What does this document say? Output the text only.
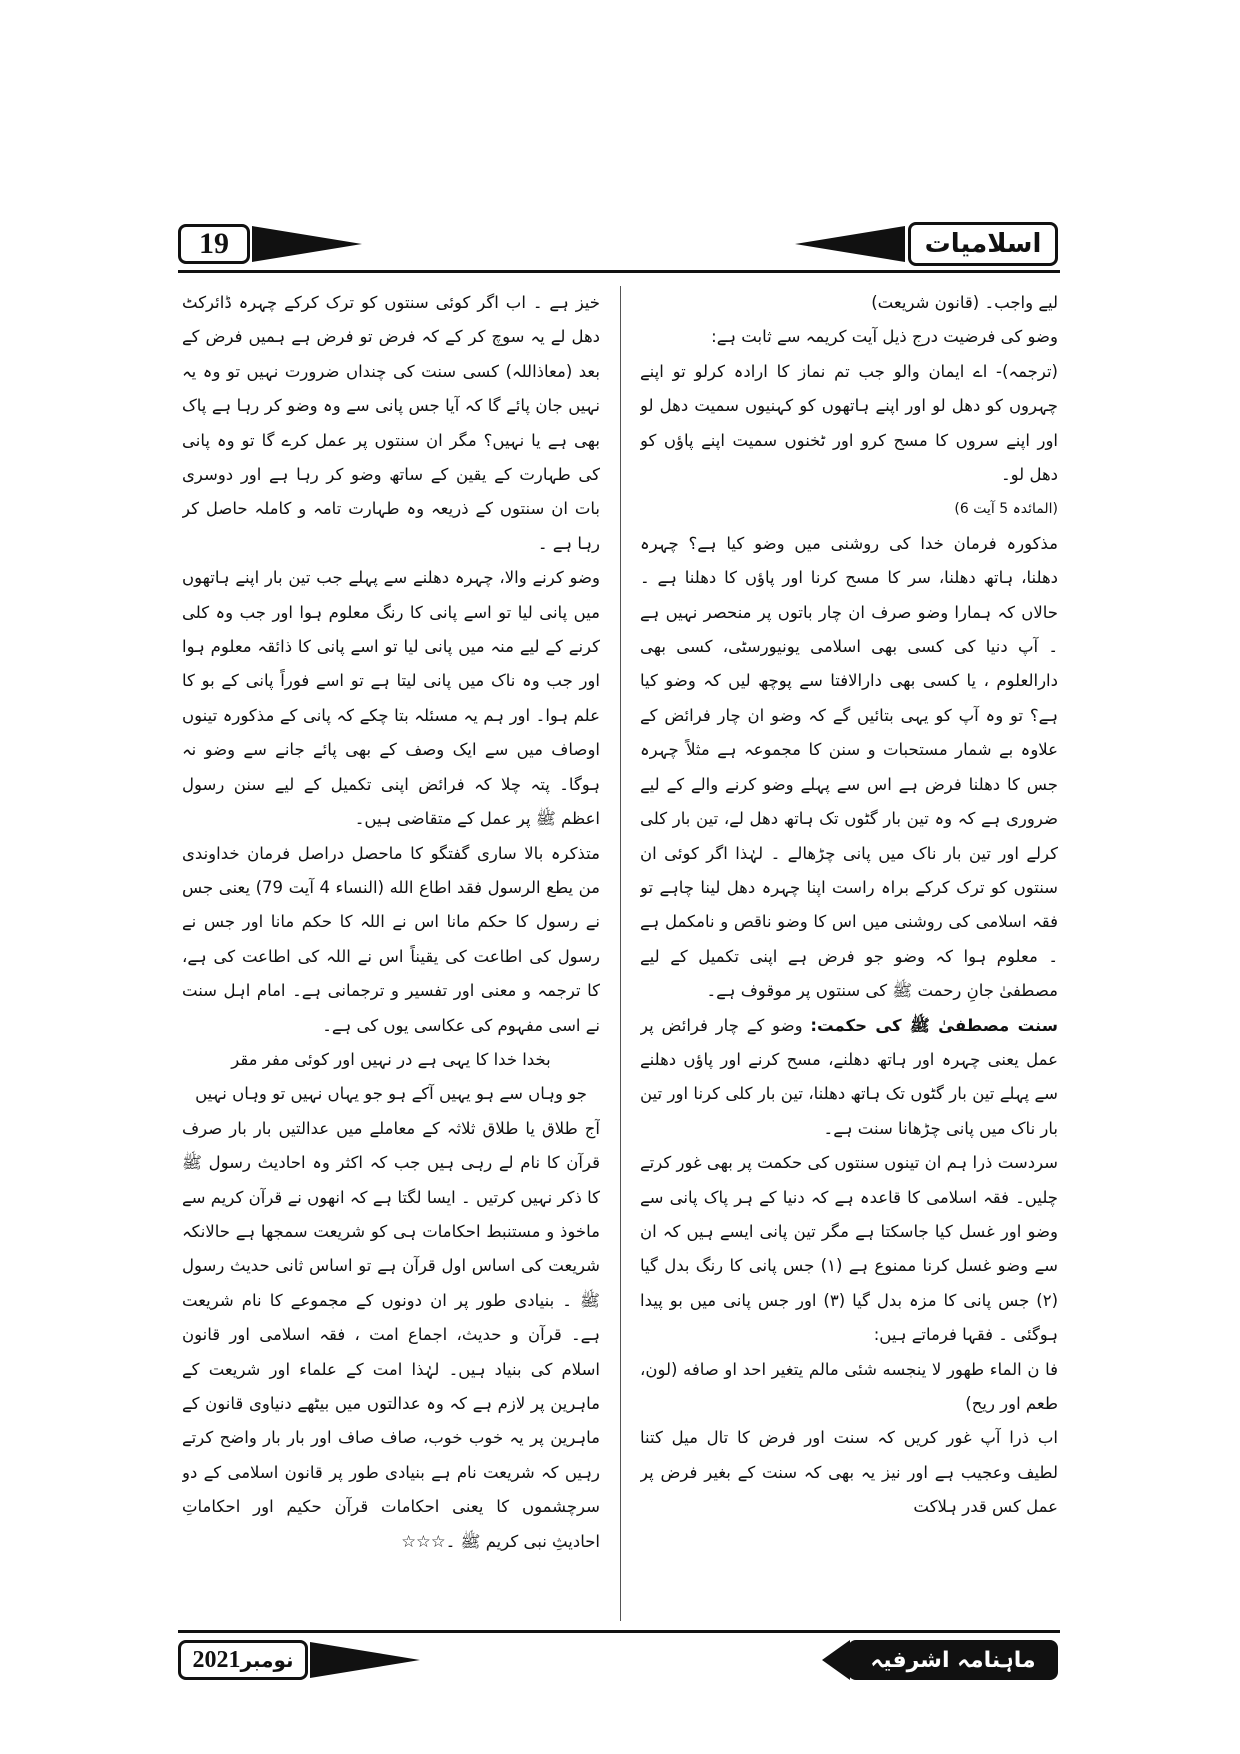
19	اسلامیات

لیے واجب۔ (قانون شریعت)

وضو کی فرضیت درج ذیل آیت کریمہ سے ثابت ہے:

(ترجمہ)- اے ایمان والو جب تم نماز کا ارادہ کرلو تو اپنے چہروں کو دھل لو اور اپنے ہاتھوں کو کہنیوں سمیت دھل لو اور اپنے سروں کا مسح کرو اور ٹخنوں سمیت اپنے پاؤں کو دھل لو۔

(المائدہ 5 آیت 6)

مذکورہ فرمان خدا کی روشنی میں وضو کیا ہے؟ چہرہ دھلنا، ہاتھ دھلنا، سر کا مسح کرنا اور پاؤں کا دھلنا ہے ۔ حالاں کہ ہمارا وضو صرف ان چار باتوں پر منحصر نہیں ہے ۔ آپ دنیا کی کسی بھی اسلامی یونیورسٹی، کسی بھی دارالعلوم ، یا کسی بھی دارالافتا سے پوچھ لیں کہ وضو کیا ہے؟ تو وہ آپ کو یہی بتائیں گے کہ وضو ان چار فرائض کے علاوہ بے شمار مستحبات و سنن کا مجموعہ ہے مثلاً چہرہ جس کا دھلنا فرض ہے اس سے پہلے وضو کرنے والے کے لیے ضروری ہے کہ وہ تین بار گٹوں تک ہاتھ دھل لے، تین بار کلی کرلے اور تین بار ناک میں پانی چڑھالے ۔ لہٰذا اگر کوئی ان سنتوں کو ترک کرکے براہ راست اپنا چہرہ دھل لینا چاہے تو فقہ اسلامی کی روشنی میں اس کا وضو ناقص و نامکمل ہے ۔ معلوم ہوا کہ وضو جو فرض ہے اپنی تکمیل کے لیے مصطفیٰ جانِ رحمت ﷺ کی سنتوں پر موقوف ہے۔

سنت مصطفیٰ ﷺ کی حکمت: وضو کے چار فرائض پر عمل یعنی چہرہ اور ہاتھ دھلنے، مسح کرنے اور پاؤں دھلنے سے پہلے تین بار گٹوں تک ہاتھ دھلنا، تین بار کلی کرنا اور تین بار ناک میں پانی چڑھانا سنت ہے۔

سردست ذرا ہم ان تینوں سنتوں کی حکمت پر بھی غور کرتے چلیں۔ فقہ اسلامی کا قاعدہ ہے کہ دنیا کے ہر پاک پانی سے وضو اور غسل کیا جاسکتا ہے مگر تین پانی ایسے ہیں کہ ان سے وضو غسل کرنا ممنوع ہے (۱) جس پانی کا رنگ بدل گیا (۲) جس پانی کا مزہ بدل گیا (۳) اور جس پانی میں بو پیدا ہوگئی ۔ فقہا فرماتے ہیں:

فا ن الماء طهور لا ينجسه شئى مالم يتغير احد او صافه (لون، طعم اور ریح)

اب ذرا آپ غور کریں کہ سنت اور فرض کا تال میل کتنا لطیف وعجیب ہے اور نیز یہ بھی کہ سنت کے بغیر فرض پر عمل کس قدر ہلاکت

خیز ہے ۔ اب اگر کوئی سنتوں کو ترک کرکے چہرہ ڈائرکٹ دھل لے یہ سوچ کر کے کہ فرض تو فرض ہے ہمیں فرض کے بعد (معاذاللہ) کسی سنت کی چنداں ضرورت نہیں تو وہ یہ نہیں جان پائے گا کہ آیا جس پانی سے وہ وضو کر رہا ہے پاک بھی ہے یا نہیں؟ مگر ان سنتوں پر عمل کرے گا تو وہ پانی کی طہارت کے یقین کے ساتھ وضو کر رہا ہے اور دوسری بات ان سنتوں کے ذریعہ وہ طہارت تامہ و کاملہ حاصل کر رہا ہے ۔

وضو کرنے والا، چہرہ دھلنے سے پہلے جب تین بار اپنے ہاتھوں میں پانی لیا تو اسے پانی کا رنگ معلوم ہوا اور جب وہ کلی کرنے کے لیے منہ میں پانی لیا تو اسے پانی کا ذائقہ معلوم ہوا اور جب وہ ناک میں پانی لیتا ہے تو اسے فوراً پانی کے بو کا علم ہوا۔ اور ہم یہ مسئلہ بتا چکے کہ پانی کے مذکورہ تینوں اوصاف میں سے ایک وصف کے بھی پائے جانے سے وضو نہ ہوگا۔ پتہ چلا کہ فرائض اپنی تکمیل کے لیے سنن رسول اعظم ﷺ پر عمل کے متقاضی ہیں۔

متذکرہ بالا ساری گفتگو کا ماحصل دراصل فرمان خداوندی من يطع الرسول فقد اطاع الله (النساء 4 آیت 79) یعنی جس نے رسول کا حکم مانا اس نے اللہ کا حکم مانا اور جس نے رسول کی اطاعت کی یقیناً اس نے اللہ کی اطاعت کی ہے، کا ترجمہ و معنی اور تفسیر و ترجمانی ہے۔ امام اہل سنت نے اسی مفہوم کی عکاسی یوں کی ہے۔

بخدا خدا کا یہی ہے در نہیں اور کوئی مفر مقر

جو وہاں سے ہو یہیں آکے ہو جو یہاں نہیں تو وہاں نہیں

آج طلاق یا طلاق ثلاثہ کے معاملے میں عدالتیں بار بار صرف قرآن کا نام لے رہی ہیں جب کہ اکثر وہ احادیث رسول ﷺ کا ذکر نہیں کرتیں ۔ ایسا لگتا ہے کہ انھوں نے قرآن کریم سے ماخوذ و مستنبط احکامات ہی کو شریعت سمجھا ہے حالانکہ شریعت کی اساس اول قرآن ہے تو اساس ثانی حدیث رسول ﷺ ۔ بنیادی طور پر ان دونوں کے مجموعے کا نام شریعت ہے۔ قرآن و حدیث، اجماع امت ، فقہ اسلامی اور قانون اسلام کی بنیاد ہیں۔ لہٰذا امت کے علماء اور شریعت کے ماہرین پر لازم ہے کہ وہ عدالتوں میں بیٹھے دنیاوی قانون کے ماہرین پر یہ خوب خوب، صاف صاف اور بار بار واضح کرتے رہیں کہ شریعت نام ہے بنیادی طور پر قانون اسلامی کے دو سرچشموں کا یعنی احکامات قرآن حکیم اور احکاماتِ احادیثِ نبی کریم ﷺ ۔☆☆☆

نومبر
2021	ماہنامہ اشرفیہ
